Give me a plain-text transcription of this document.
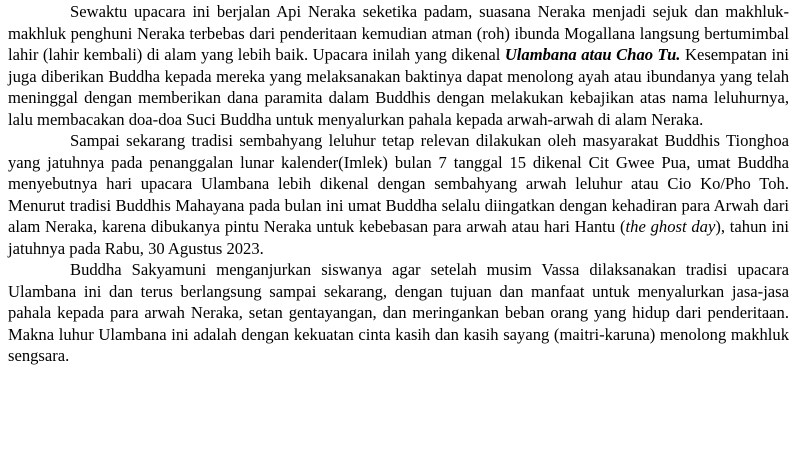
Sewaktu upacara ini berjalan Api Neraka seketika padam, suasana Neraka menjadi sejuk dan makhluk-makhluk penghuni Neraka terbebas dari penderitaan kemudian atman (roh) ibunda Mogallana langsung bertumimbal lahir (lahir kembali) di alam yang lebih baik. Upacara inilah yang dikenal Ulambana atau Chao Tu. Kesempatan ini juga diberikan Buddha kepada mereka yang melaksanakan baktinya dapat menolong ayah atau ibundanya yang telah meninggal dengan memberikan dana paramita dalam Buddhis dengan melakukan kebajikan atas nama leluhurnya, lalu membacakan doa-doa Suci Buddha untuk menyalurkan pahala kepada arwah-arwah di alam Neraka.

Sampai sekarang tradisi sembahyang leluhur tetap relevan dilakukan oleh masyarakat Buddhis Tionghoa yang jatuhnya pada penanggalan lunar kalender(Imlek) bulan 7 tanggal 15 dikenal Cit Gwee Pua, umat Buddha menyebutnya hari upacara Ulambana lebih dikenal dengan sembahyang arwah leluhur atau Cio Ko/Pho Toh. Menurut tradisi Buddhis Mahayana pada bulan ini umat Buddha selalu diingatkan dengan kehadiran para Arwah dari alam Neraka, karena dibukanya pintu Neraka untuk kebebasan para arwah atau hari Hantu (the ghost day), tahun ini jatuhnya pada Rabu, 30 Agustus 2023.

Buddha Sakyamuni menganjurkan siswanya agar setelah musim Vassa dilaksanakan tradisi upacara Ulambana ini dan terus berlangsung sampai sekarang, dengan tujuan dan manfaat untuk menyalurkan jasa-jasa pahala kepada para arwah Neraka, setan gentayangan, dan meringankan beban orang yang hidup dari penderitaan. Makna luhur Ulambana ini adalah dengan kekuatan cinta kasih dan kasih sayang (maitri-karuna) menolong makhluk sengsara.
